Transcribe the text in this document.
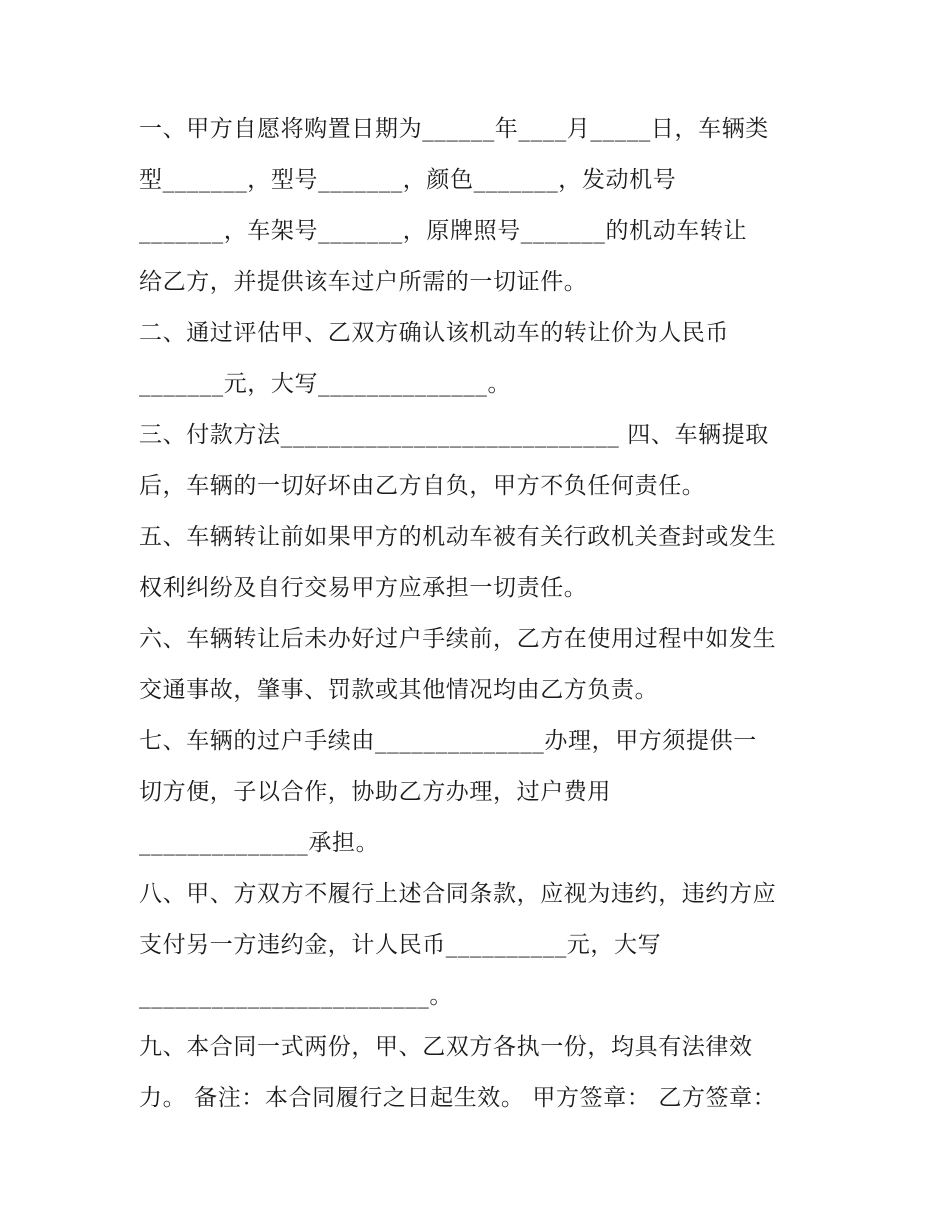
一、甲方自愿将购置日期为______年____月_____日，车辆类
型_______，型号_______，颜色_______，发动机号
_______，车架号_______，原牌照号_______的机动车转让
给乙方，并提供该车过户所需的一切证件。
二、通过评估甲、乙双方确认该机动车的转让价为人民币
_______元，大写______________。
三、付款方法____________________________ 四、车辆提取
后，车辆的一切好坏由乙方自负，甲方不负任何责任。
五、车辆转让前如果甲方的机动车被有关行政机关查封或发生
权利纠纷及自行交易甲方应承担一切责任。
六、车辆转让后未办好过户手续前，乙方在使用过程中如发生
交通事故，肇事、罚款或其他情况均由乙方负责。
七、车辆的过户手续由______________办理，甲方须提供一
切方便，子以合作，协助乙方办理，过户费用
______________承担。
八、甲、方双方不履行上述合同条款，应视为违约，违约方应
支付另一方违约金，计人民币__________元，大写
________________________。
九、本合同一式两份，甲、乙双方各执一份，均具有法律效
力。 备注：本合同履行之日起生效。 甲方签章： 乙方签章：
